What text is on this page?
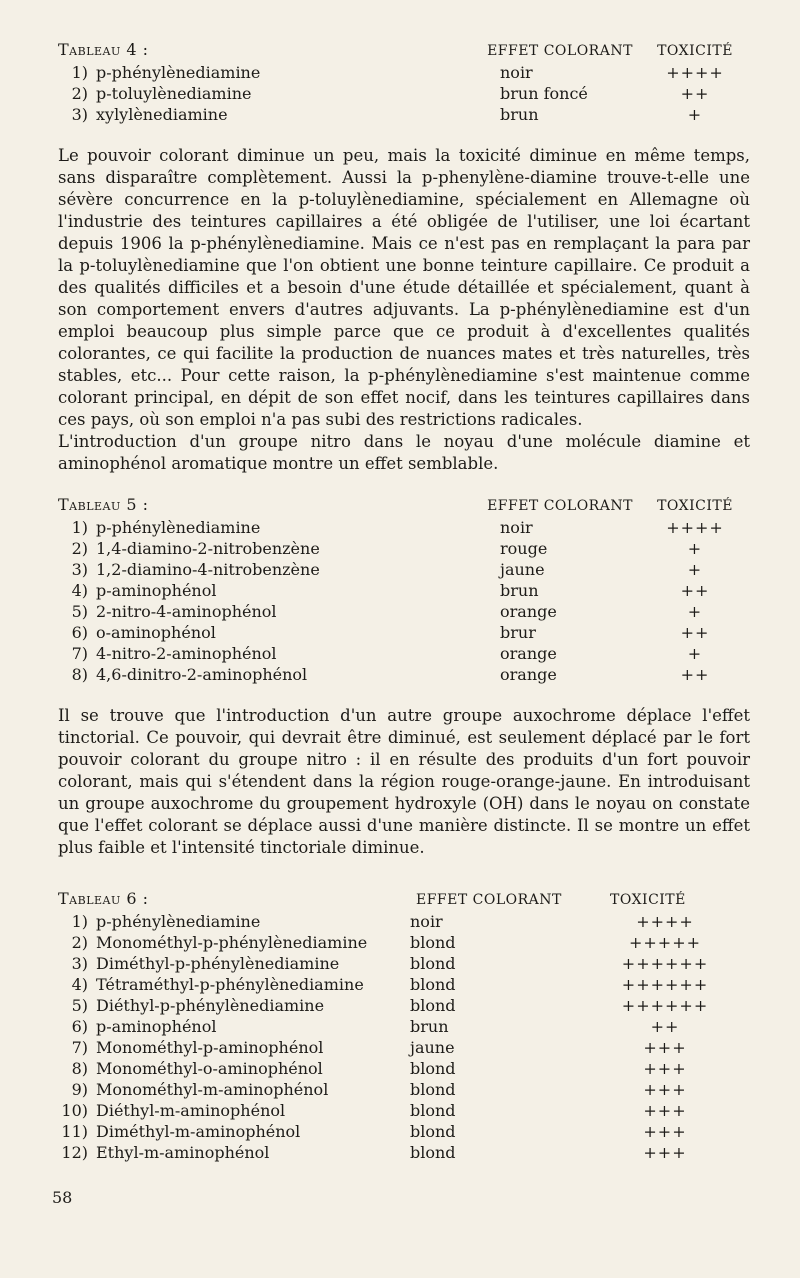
Tableau 4 :	EFFET COLORANT	TOXICITÉ
1) p-phénylènediamine	noir	++++
2) p-toluylènediamine	brun foncé	++
3) xylylènediamine	brun	+

Le pouvoir colorant diminue un peu, mais la toxicité diminue en même temps, sans disparaître complètement. Aussi la p-phenylène-diamine trouve-t-elle une sévère concurrence en la p-toluylènediamine, spécialement en Allemagne où l'industrie des teintures capillaires a été obligée de l'utiliser, une loi écartant depuis 1906 la p-phénylènediamine. Mais ce n'est pas en remplaçant la para par la p-toluylènediamine que l'on obtient une bonne teinture capillaire. Ce produit a des qualités difficiles et a besoin d'une étude détaillée et spécialement, quant à son comportement envers d'autres adjuvants. La p-phénylènediamine est d'un emploi beaucoup plus simple parce que ce produit à d'excellentes qualités colorantes, ce qui facilite la production de nuances mates et très naturelles, très stables, etc... Pour cette raison, la p-phénylènediamine s'est maintenue comme colorant principal, en dépit de son effet nocif, dans les teintures capillaires dans ces pays, où son emploi n'a pas subi des restrictions radicales.

L'introduction d'un groupe nitro dans le noyau d'une molécule diamine et aminophénol aromatique montre un effet semblable.

Tableau 5 :	EFFET COLORANT	TOXICITÉ
1) p-phénylènediamine	noir	++++
2) 1,4-diamino-2-nitrobenzène	rouge	+
3) 1,2-diamino-4-nitrobenzène	jaune	+
4) p-aminophénol	brun	++
5) 2-nitro-4-aminophénol	orange	+
6) o-aminophénol	brur	++
7) 4-nitro-2-aminophénol	orange	+
8) 4,6-dinitro-2-aminophénol	orange	++

Il se trouve que l'introduction d'un autre groupe auxochrome déplace l'effet tinctorial. Ce pouvoir, qui devrait être diminué, est seulement déplacé par le fort pouvoir colorant du groupe nitro : il en résulte des produits d'un fort pouvoir colorant, mais qui s'étendent dans la région rouge-orange-jaune. En introduisant un groupe auxochrome du groupement hydroxyle (OH) dans le noyau on constate que l'effet colorant se déplace aussi d'une manière distincte. Il se montre un effet plus faible et l'intensité tinctoriale diminue.

Tableau 6 :	EFFET COLORANT	TOXICITÉ
1) p-phénylènediamine	noir	++++
2) Monométhyl-p-phénylènediamine	blond	+++++
3) Diméthyl-p-phénylènediamine	blond	++++++
4) Tétraméthyl-p-phénylènediamine	blond	++++++
5) Diéthyl-p-phénylènediamine	blond	++++++
6) p-aminophénol	brun	++
7) Monométhyl-p-aminophénol	jaune	+++
8) Monométhyl-o-aminophénol	blond	+++
9) Monométhyl-m-aminophénol	blond	+++
10) Diéthyl-m-aminophénol	blond	+++
11) Diméthyl-m-aminophénol	blond	+++
12) Ethyl-m-aminophénol	blond	+++
58
